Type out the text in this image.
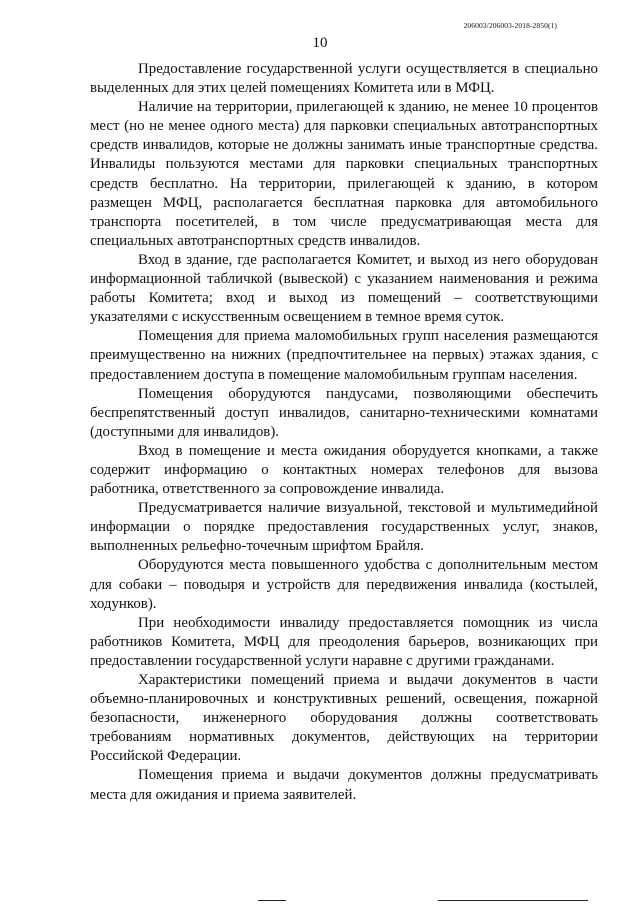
206003/206003-2018-2850(1)
10

Предоставление государственной услуги осуществляется в специально выделенных для этих целей помещениях Комитета или в МФЦ.

Наличие на территории, прилегающей к зданию, не менее 10 процентов мест (но не менее одного места) для парковки специальных автотранспортных средств инвалидов, которые не должны занимать иные транспортные средства. Инвалиды пользуются местами для парковки специальных транспортных средств бесплатно. На территории, прилегающей к зданию, в котором размещен МФЦ, располагается бесплатная парковка для автомобильного транспорта посетителей, в том числе предусматривающая места для специальных автотранспортных средств инвалидов.

Вход в здание, где располагается Комитет, и выход из него оборудован информационной табличкой (вывеской) с указанием наименования и режима работы Комитета; вход и выход из помещений – соответствующими указателями с искусственным освещением в темное время суток.

Помещения для приема маломобильных групп населения размещаются преимущественно на нижних (предпочтительнее на первых) этажах здания, с предоставлением доступа в помещение маломобильным группам населения.

Помещения оборудуются пандусами, позволяющими обеспечить беспрепятственный доступ инвалидов, санитарно-техническими комнатами (доступными для инвалидов).

Вход в помещение и места ожидания оборудуется кнопками, а также содержит информацию о контактных номерах телефонов для вызова работника, ответственного за сопровождение инвалида.

Предусматривается наличие визуальной, текстовой и мультимедийной информации о порядке предоставления государственных услуг, знаков, выполненных рельефно-точечным шрифтом Брайля.

Оборудуются места повышенного удобства с дополнительным местом для собаки – поводыря и устройств для передвижения инвалида (костылей, ходунков).

При необходимости инвалиду предоставляется помощник из числа работников Комитета, МФЦ для преодоления барьеров, возникающих при предоставлении государственной услуги наравне с другими гражданами.

Характеристики помещений приема и выдачи документов в части объемно-планировочных и конструктивных решений, освещения, пожарной безопасности, инженерного оборудования должны соответствовать требованиям нормативных документов, действующих на территории Российской Федерации.

Помещения приема и выдачи документов должны предусматривать места для ожидания и приема заявителей.
